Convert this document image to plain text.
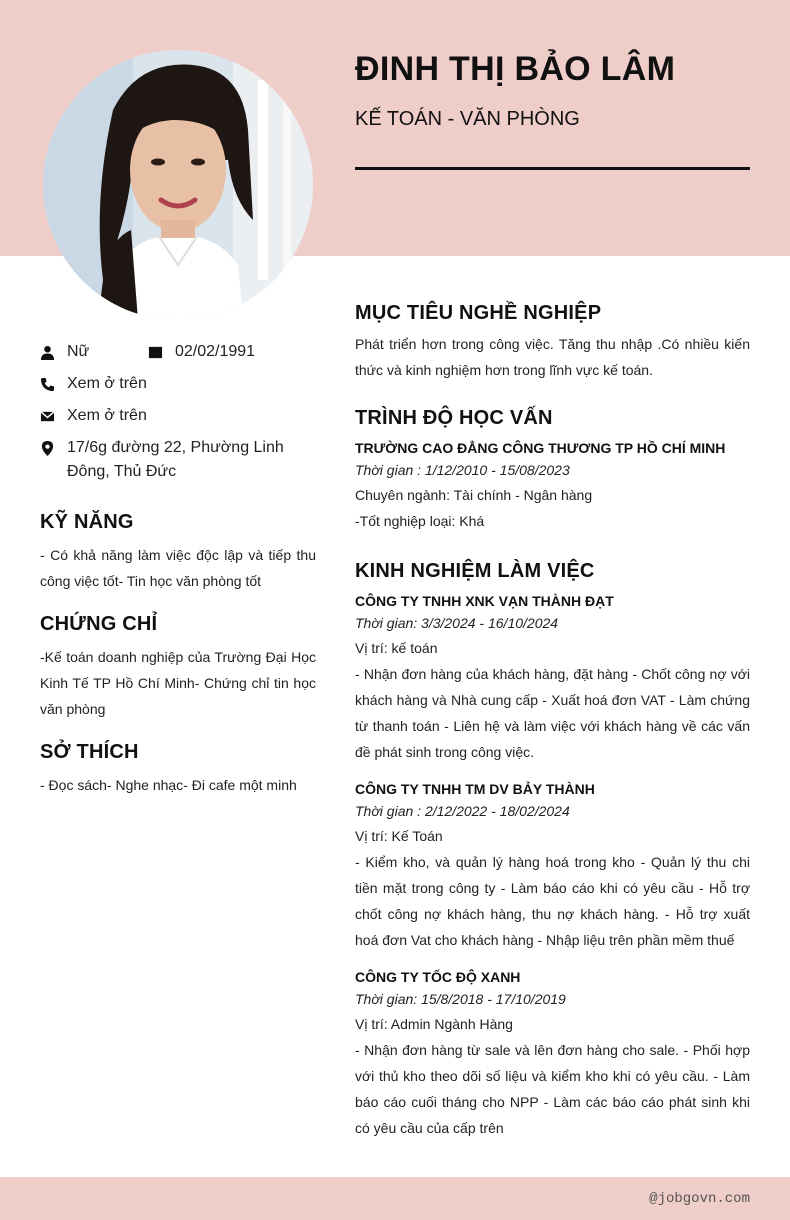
ĐINH THỊ BẢO LÂM
KẾ TOÁN - VĂN PHÒNG
Nữ	02/02/1991
Xem ở trên
Xem ở trên
17/6g đường 22, Phường Linh Đông, Thủ Đức
KỸ NĂNG
- Có khả năng làm việc độc lập và tiếp thu công việc tốt- Tin học văn phòng tốt
CHỨNG CHỈ
-Kế toán doanh nghiệp của Trường Đại Học Kinh Tế TP Hồ Chí Minh- Chứng chỉ tin học văn phòng
SỞ THÍCH
- Đọc sách- Nghe nhạc- Đi cafe một minh
MỤC TIÊU NGHỀ NGHIỆP
Phát triển hơn trong công việc. Tăng thu nhập .Có nhiều kiến thức và kinh nghiệm hơn trong lĩnh vực kế toán.
TRÌNH ĐỘ HỌC VẤN
TRƯỜNG CAO ĐẲNG CÔNG THƯƠNG TP HỒ CHÍ MINH
Thời gian : 1/12/2010 - 15/08/2023
Chuyên ngành: Tài chính - Ngân hàng
-Tốt nghiệp loại: Khá
KINH NGHIỆM LÀM VIỆC
CÔNG TY TNHH XNK VẠN THÀNH ĐẠT
Thời gian: 3/3/2024 - 16/10/2024
Vị trí: kế toán
- Nhận đơn hàng của khách hàng, đặt hàng - Chốt công nợ với khách hàng và Nhà cung cấp - Xuất hoá đơn VAT - Làm chứng từ thanh toán - Liên hệ và làm việc với khách hàng về các vấn đề phát sinh trong công việc.
CÔNG TY TNHH TM DV BẢY THÀNH
Thời gian : 2/12/2022 - 18/02/2024
Vị trí: Kế Toán
- Kiểm kho, và quản lý hàng hoá trong kho - Quản lý thu chi tiền mặt trong công ty - Làm báo cáo khi có yêu cầu - Hỗ trợ chốt công nợ khách hàng, thu nợ khách hàng. - Hỗ trợ xuất hoá đơn Vat cho khách hàng - Nhập liệu trên phần mềm thuế
CÔNG TY TỐC ĐỘ XANH
Thời gian: 15/8/2018 - 17/10/2019
Vị trí: Admin Ngành Hàng
- Nhận đơn hàng từ sale và lên đơn hàng cho sale. - Phối hợp với thủ kho theo dõi số liệu và kiểm kho khi có yêu cầu. - Làm báo cáo cuối tháng cho NPP - Làm các báo cáo phát sinh khi có yêu cầu của cấp trên
@jobgovn.com
